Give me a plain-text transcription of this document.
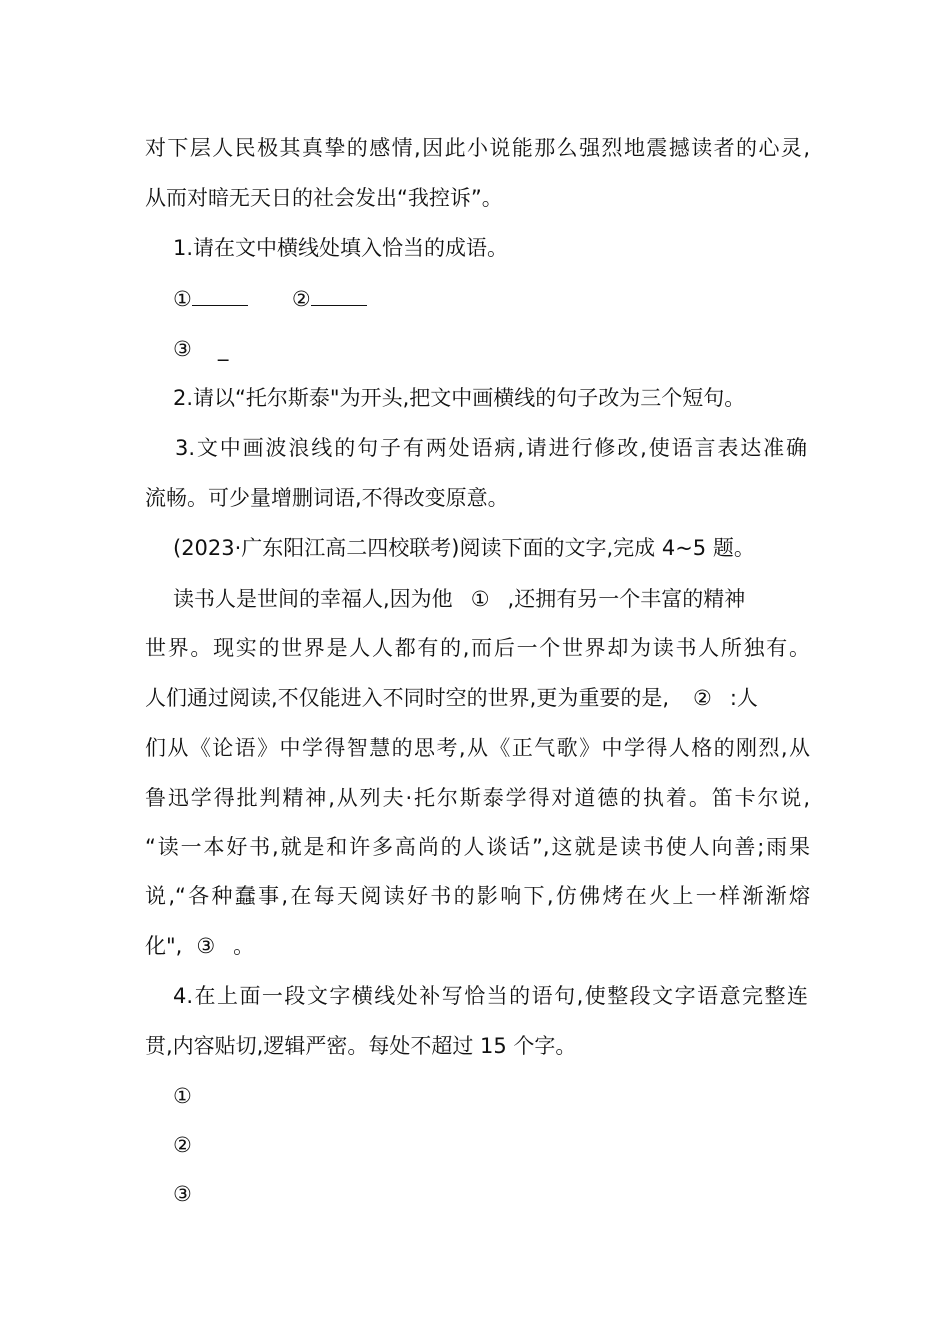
对下层人民极其真挚的感情,因此小说能那么强烈地震撼读者的心灵,
从而对暗无天日的社会发出“我控诉”。
1.请在文中横线处填入恰当的成语。
①	②
③ _
2.请以“托尔斯泰"为开头,把文中画横线的句子改为三个短句。
3.文中画波浪线的句子有两处语病,请进行修改,使语言表达准确
流畅。可少量增删词语,不得改变原意。
(2023·广东阳江高二四校联考)阅读下面的文字,完成 4~5 题。
读书人是世间的幸福人,因为他 ① ,还拥有另一个丰富的精神
世界。现实的世界是人人都有的,而后一个世界却为读书人所独有。
人们通过阅读,不仅能进入不同时空的世界,更为重要的是, ② :人
们从《论语》中学得智慧的思考,从《正气歌》中学得人格的刚烈,从
鲁迅学得批判精神,从列夫·托尔斯泰学得对道德的执着。笛卡尔说,
“读一本好书,就是和许多高尚的人谈话”,这就是读书使人向善;雨果
说,“各种蠢事,在每天阅读好书的影响下,仿佛烤在火上一样渐渐熔
化", ③ 。
4.在上面一段文字横线处补写恰当的语句,使整段文字语意完整连
贯,内容贴切,逻辑严密。每处不超过 15 个字。
①
②
③
